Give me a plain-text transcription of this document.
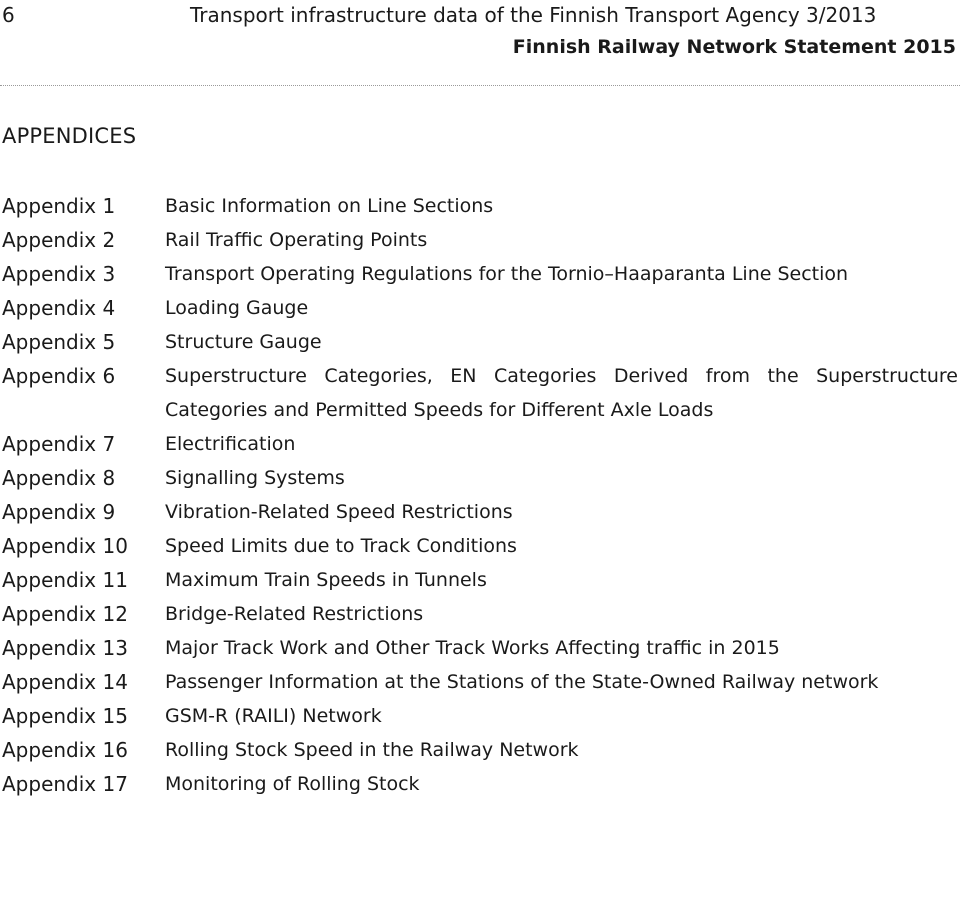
6	Transport infrastructure data of the Finnish Transport Agency 3/2013
Finnish Railway Network Statement 2015
APPENDICES
Appendix 1	Basic Information on Line Sections
Appendix 2	Rail Traffic Operating Points
Appendix 3	Transport Operating Regulations for the Tornio–Haaparanta Line Section
Appendix 4	Loading Gauge
Appendix 5	Structure Gauge
Appendix 6	Superstructure Categories, EN Categories Derived from the Superstructure Categories and Permitted Speeds for Different Axle Loads
Appendix 7	Electrification
Appendix 8	Signalling Systems
Appendix 9	Vibration-Related Speed Restrictions
Appendix 10	Speed Limits due to Track Conditions
Appendix 11	Maximum Train Speeds in Tunnels
Appendix 12	Bridge-Related Restrictions
Appendix 13	Major Track Work and Other Track Works Affecting traffic in 2015
Appendix 14	Passenger Information at the Stations of the State-Owned Railway network
Appendix 15	GSM-R (RAILI) Network
Appendix 16	Rolling Stock Speed in the Railway Network
Appendix 17	Monitoring of Rolling Stock
